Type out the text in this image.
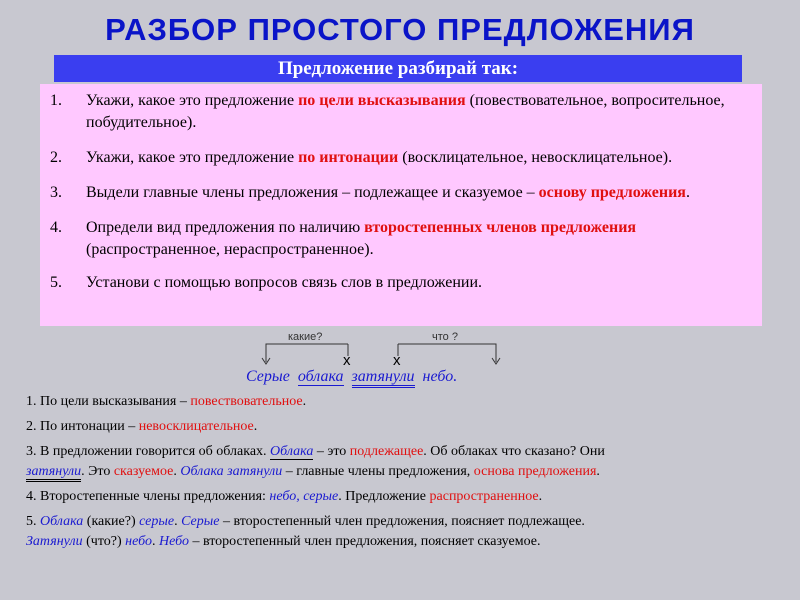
РАЗБОР ПРОСТОГО ПРЕДЛОЖЕНИЯ
Предложение разбирай так:
1. Укажи, какое это предложение по цели высказывания (повествовательное, вопросительное, побудительное).
2. Укажи, какое это предложение по интонации (восклицательное, невосклицательное).
3. Выдели главные члены предложения – подлежащее и сказуемое – основу предложения.
4. Определи вид предложения по наличию второстепенных членов предложения (распространенное, нераспространенное).
5. Установи с помощью вопросов связь слов в предложении.
какие?	что ?
х	х
Серые облака затянули небо.

1. По цели высказывания – повествовательное.

2. По интонации – невосклицательное.

3. В предложении говорится об облаках. Облака – это подлежащее. Об облаках что сказано? Они
затянули. Это сказуемое. Облака затянули – главные члены предложения, основа предложения.

4. Второстепенные члены предложения: небо, серые. Предложение распространенное.

5. Облака (какие?) серые. Серые – второстепенный член предложения, поясняет подлежащее.
Затянули (что?) небо. Небо – второстепенный член предложения, поясняет сказуемое.
